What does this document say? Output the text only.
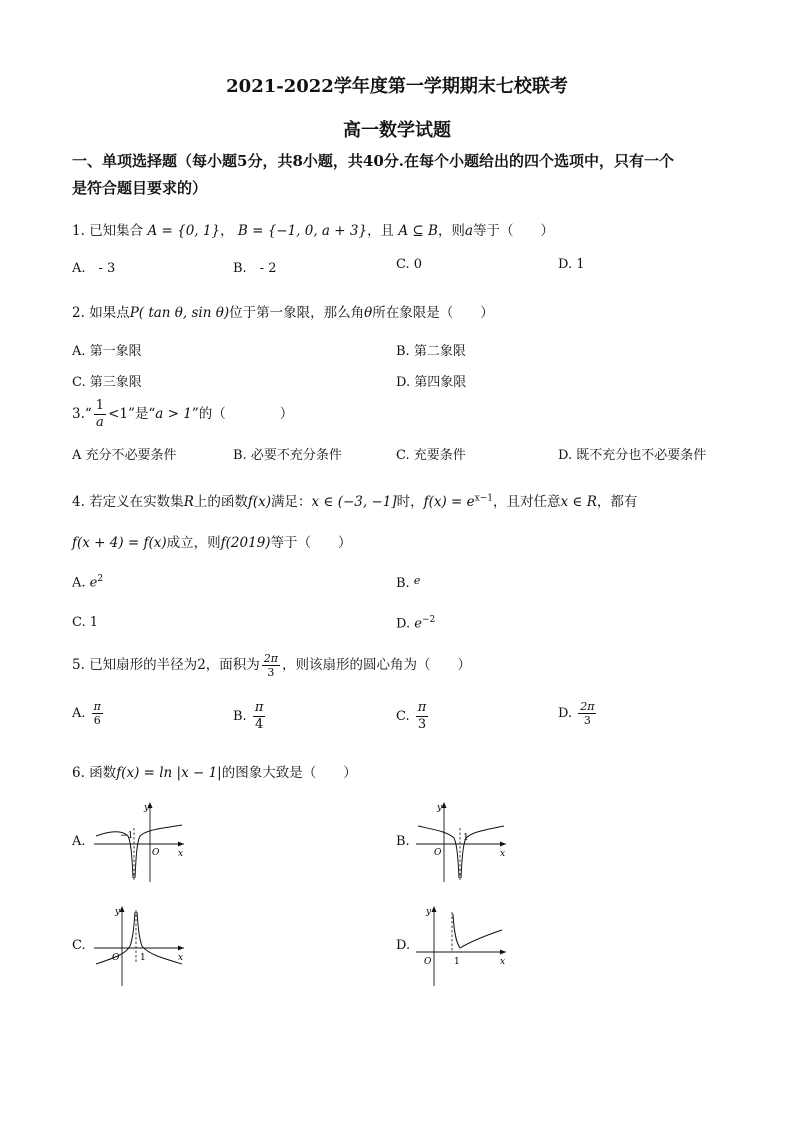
2021-2022学年度第一学期期末七校联考
高一数学试题
一、单项选择题（每小题5分，共8小题，共40分.在每个小题给出的四个选项中，只有一个
是符合题目要求的）
1. 已知集合 A = {0, 1}， B = {−1, 0, a + 3}，且 A ⊆ B，则a等于（　　）
A.　- 3	B.　- 2	C. 0	D. 1
2. 如果点P( tan θ, sin θ)位于第一象限，那么角θ所在象限是（　　）
A. 第一象限	B. 第二象限
C. 第三象限	D. 第四象限
3.“ $\frac{1}{a} <1$”是“a > 1”的（　　　　）
A 充分不必要条件	B. 必要不充分条件	C. 充要条件	D. 既不充分也不必要条件
4. 若定义在实数集R上的函数f(x)满足：x ∈ (−3, −1]时，$f(x) = e^{x-1}$，且对任意x ∈ R，都有
f(x + 4) = f(x)成立，则f(2019)等于（　　）
A. $e^2$	B. $^e$
C. 1	D. $e^{-2}$
5. 已知扇形的半径为2，面积为 $\frac{2\pi}{3}$ ，则该扇形的圆心角为（　　）
A. $\frac{\pi}{6}$	B. $\frac{\pi}{4}$	C. $\frac{\pi}{3}$	D. $\frac{2\pi}{3}$
6. 函数f(x) = ln |x − 1|的图象大致是（　　）
A.
y
x
O
−1	B.
y
x
O
1
C.
y
x
O 1
D.
y
x
O	1
